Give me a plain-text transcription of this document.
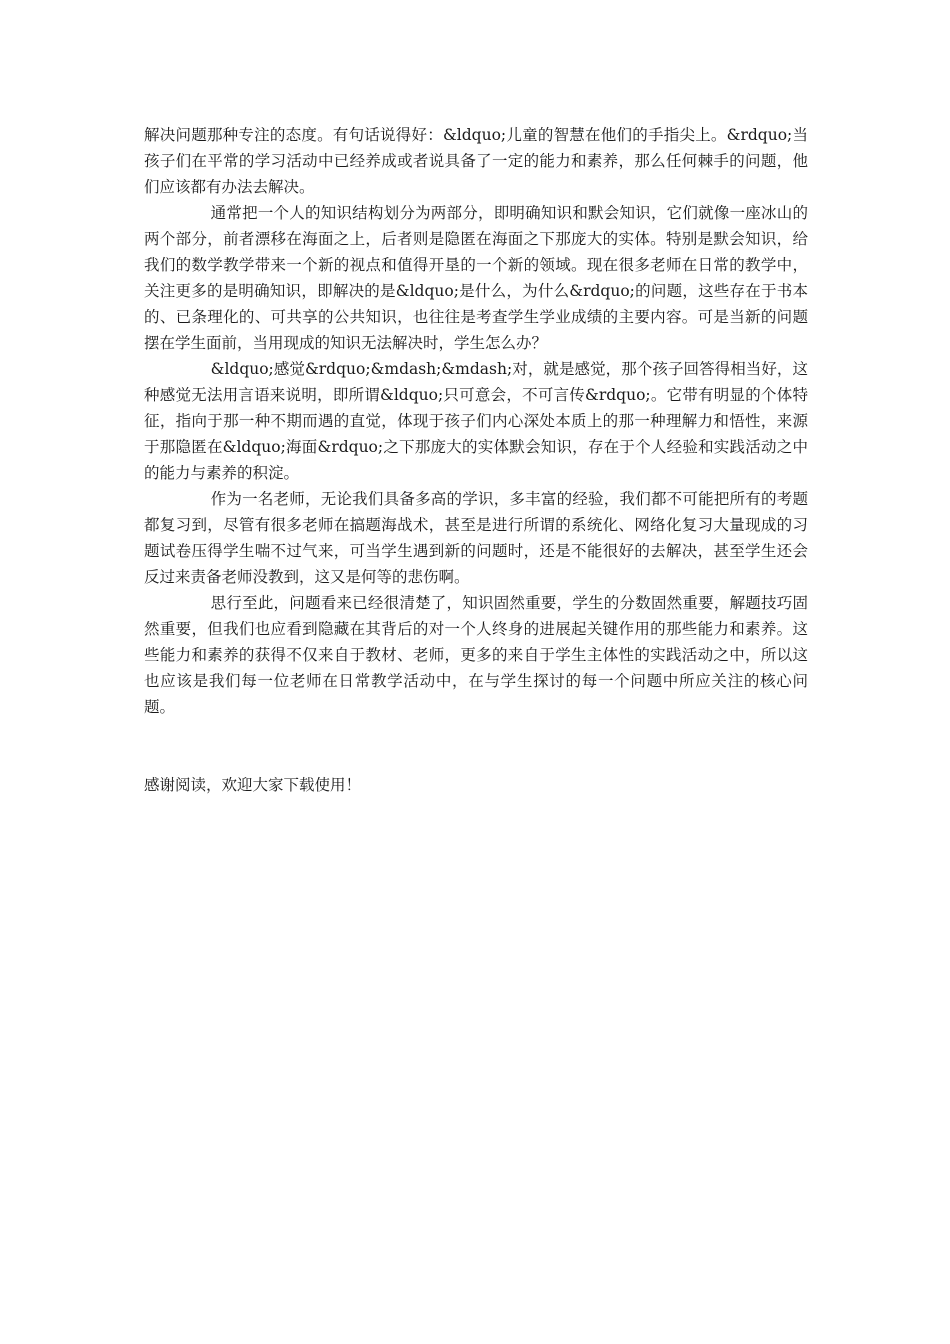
解决问题那种专注的态度。有句话说得好：&ldquo;儿童的智慧在他们的手指尖上。&rdquo;当孩子们在平常的学习活动中已经养成或者说具备了一定的能力和素养，那么任何棘手的问题，他们应该都有办法去解决。

通常把一个人的知识结构划分为两部分，即明确知识和默会知识，它们就像一座冰山的两个部分，前者漂移在海面之上，后者则是隐匿在海面之下那庞大的实体。特别是默会知识，给我们的数学教学带来一个新的视点和值得开垦的一个新的领域。现在很多老师在日常的教学中，关注更多的是明确知识，即解决的是&ldquo;是什么，为什么&rdquo;的问题，这些存在于书本的、已条理化的、可共享的公共知识，也往往是考查学生学业成绩的主要内容。可是当新的问题摆在学生面前，当用现成的知识无法解决时，学生怎么办？

&ldquo;感觉&rdquo;&mdash;&mdash;对，就是感觉，那个孩子回答得相当好，这种感觉无法用言语来说明，即所谓&ldquo;只可意会，不可言传&rdquo;。它带有明显的个体特征，指向于那一种不期而遇的直觉，体现于孩子们内心深处本质上的那一种理解力和悟性，来源于那隐匿在&ldquo;海面&rdquo;之下那庞大的实体默会知识，存在于个人经验和实践活动之中的能力与素养的积淀。

作为一名老师，无论我们具备多高的学识，多丰富的经验，我们都不可能把所有的考题都复习到，尽管有很多老师在搞题海战术，甚至是进行所谓的系统化、网络化复习大量现成的习题试卷压得学生喘不过气来，可当学生遇到新的问题时，还是不能很好的去解决，甚至学生还会反过来责备老师没教到，这又是何等的悲伤啊。

思行至此，问题看来已经很清楚了，知识固然重要，学生的分数固然重要，解题技巧固然重要，但我们也应看到隐藏在其背后的对一个人终身的进展起关键作用的那些能力和素养。这些能力和素养的获得不仅来自于教材、老师，更多的来自于学生主体性的实践活动之中，所以这也应该是我们每一位老师在日常教学活动中，在与学生探讨的每一个问题中所应关注的核心问题。

感谢阅读，欢迎大家下载使用！
